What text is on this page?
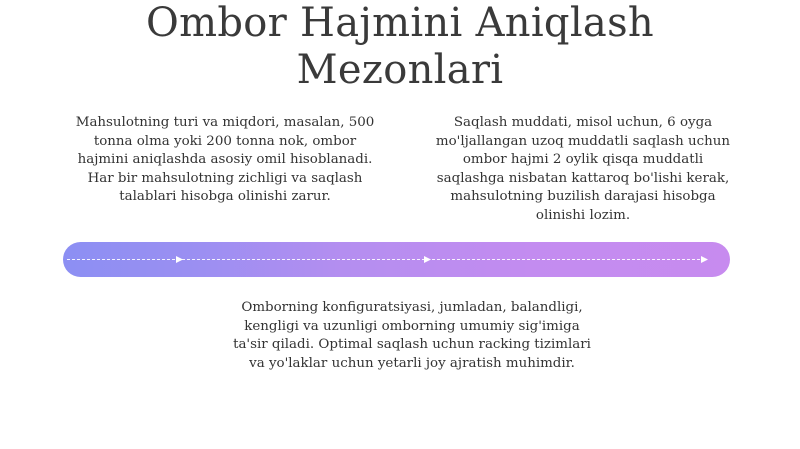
Ombor Hajmini Aniqlash
Mezonlari

Mahsulotning turi va miqdori, masalan, 500 tonna olma yoki 200 tonna nok, ombor hajmini aniqlashda asosiy omil hisoblanadi. Har bir mahsulotning zichligi va saqlash talablari hisobga olinishi zarur.

Saqlash muddati, misol uchun, 6 oyga mo'ljallangan uzoq muddatli saqlash uchun ombor hajmi 2 oylik qisqa muddatli saqlashga nisbatan kattaroq bo'lishi kerak, mahsulotning buzilish darajasi hisobga olinishi lozim.

Omborning konfiguratsiyasi, jumladan, balandligi, kengligi va uzunligi omborning umumiy sig'imiga ta'sir qiladi. Optimal saqlash uchun racking tizimlari va yo'laklar uchun yetarli joy ajratish muhimdir.
